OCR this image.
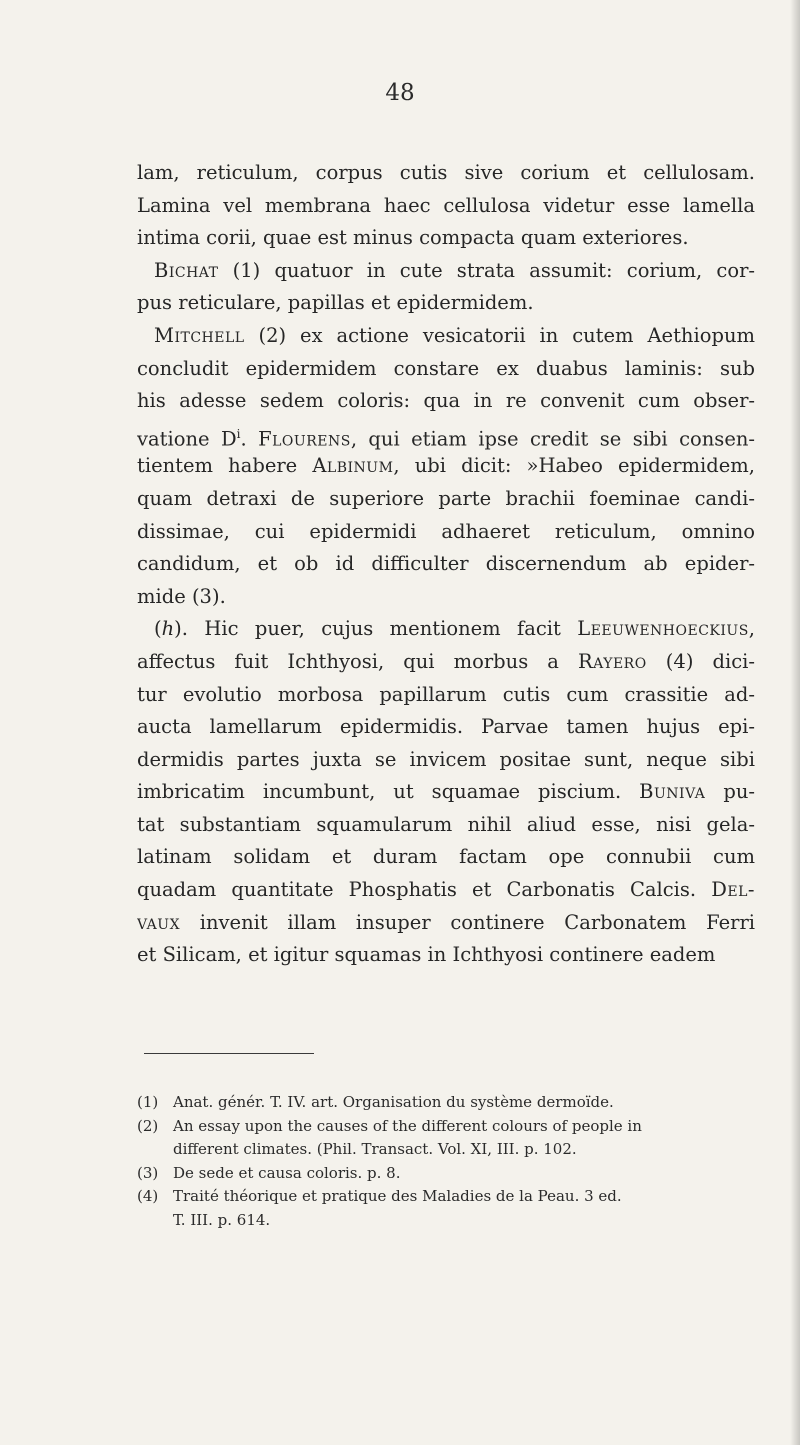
48
lam, reticulum, corpus cutis sive corium et cellulosam.
Lamina vel membrana haec cellulosa videtur esse lamella
intima corii, quae est minus compacta quam exteriores.
Bichat (1) quatuor in cute strata assumit: corium, cor-
pus reticulare, papillas et epidermidem.
Mitchell (2) ex actione vesicatorii in cutem Aethiopum
concludit epidermidem constare ex duabus laminis: sub
his adesse sedem coloris: qua in re convenit cum obser-
vatione $D^i$. Flourens, qui etiam ipse credit se sibi consen-
tientem habere Albinum, ubi dicit: »Habeo epidermidem,
quam detraxi de superiore parte brachii foeminae candi-
dissimae, cui epidermidi adhaeret reticulum, omnino
candidum, et ob id difficulter discernendum ab epider-
mide (3).
(h). Hic puer, cujus mentionem facit Leeuwenhoeckius,
affectus fuit Ichthyosi, qui morbus a Rayero (4) dici-
tur evolutio morbosa papillarum cutis cum crassitie ad-
aucta lamellarum epidermidis. Parvae tamen hujus epi-
dermidis partes juxta se invicem positae sunt, neque sibi
imbricatim incumbunt, ut squamae piscium. Buniva pu-
tat substantiam squamularum nihil aliud esse, nisi gela-
latinam solidam et duram factam ope connubii cum
quadam quantitate Phosphatis et Carbonatis Calcis. Del-
vaux invenit illam insuper continere Carbonatem Ferri
et Silicam, et igitur squamas in Ichthyosi continere eadem
(1) Anat. génér. T. IV. art. Organisation du système dermoïde.
(2) An essay upon the causes of the different colours of people in
different climates. (Phil. Transact. Vol. XI, III. p. 102.
(3) De sede et causa coloris. p. 8.
(4) Traité théorique et pratique des Maladies de la Peau. 3 ed.
T. III. p. 614.
